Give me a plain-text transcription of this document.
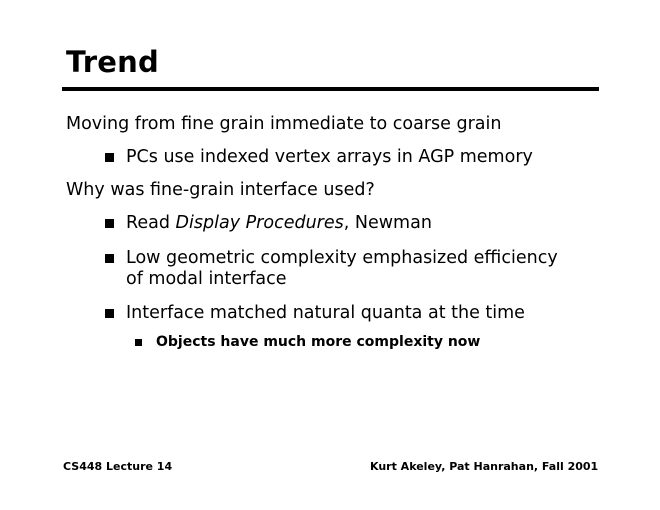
Trend
Moving from fine grain immediate to coarse grain
PCs use indexed vertex arrays in AGP memory
Why was fine-grain interface used?
Read Display Procedures, Newman
Low geometric complexity emphasized efficiency
of modal interface
Interface matched natural quanta at the time
Objects have much more complexity now
CS448 Lecture 14	Kurt Akeley, Pat Hanrahan, Fall 2001
